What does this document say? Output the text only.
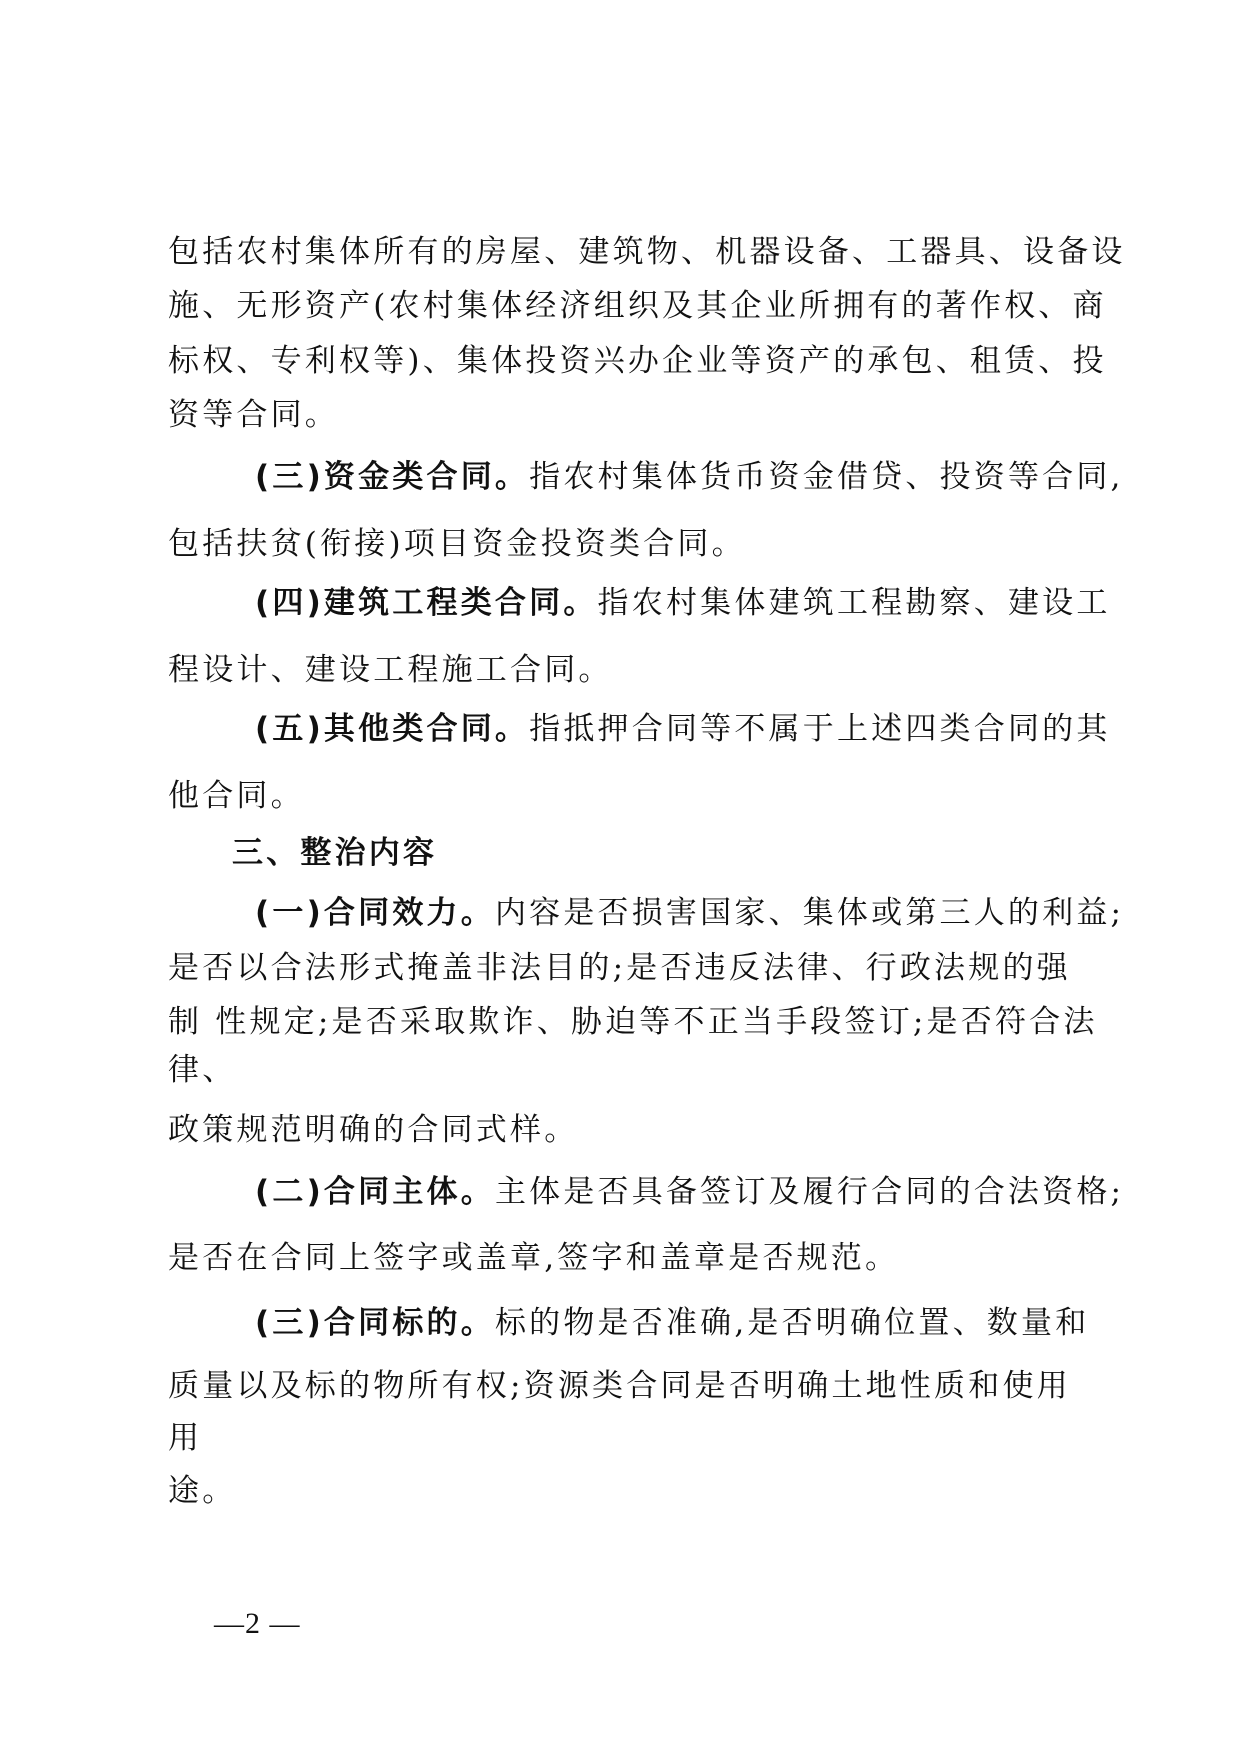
包括农村集体所有的房屋、建筑物、机器设备、工器具、设备设
施、无形资产(农村集体经济组织及其企业所拥有的著作权、商
标权、专利权等)、集体投资兴办企业等资产的承包、租赁、投
资等合同。
(三)资金类合同。指农村集体货币资金借贷、投资等合同,
包括扶贫(衔接)项目资金投资类合同。
(四)建筑工程类合同。指农村集体建筑工程勘察、建设工
程设计、建设工程施工合同。
(五)其他类合同。指抵押合同等不属于上述四类合同的其
他合同。
三、整治内容
(一)合同效力。内容是否损害国家、集体或第三人的利益;
是否以合法形式掩盖非法目的;是否违反法律、行政法规的强
制 性规定;是否采取欺诈、胁迫等不正当手段签订;是否符合法
律、
政策规范明确的合同式样。
(二)合同主体。主体是否具备签订及履行合同的合法资格;
是否在合同上签字或盖章,签字和盖章是否规范。
(三)合同标的。标的物是否准确,是否明确位置、数量和
质量以及标的物所有权;资源类合同是否明确土地性质和使用
用
途。
—2 —
